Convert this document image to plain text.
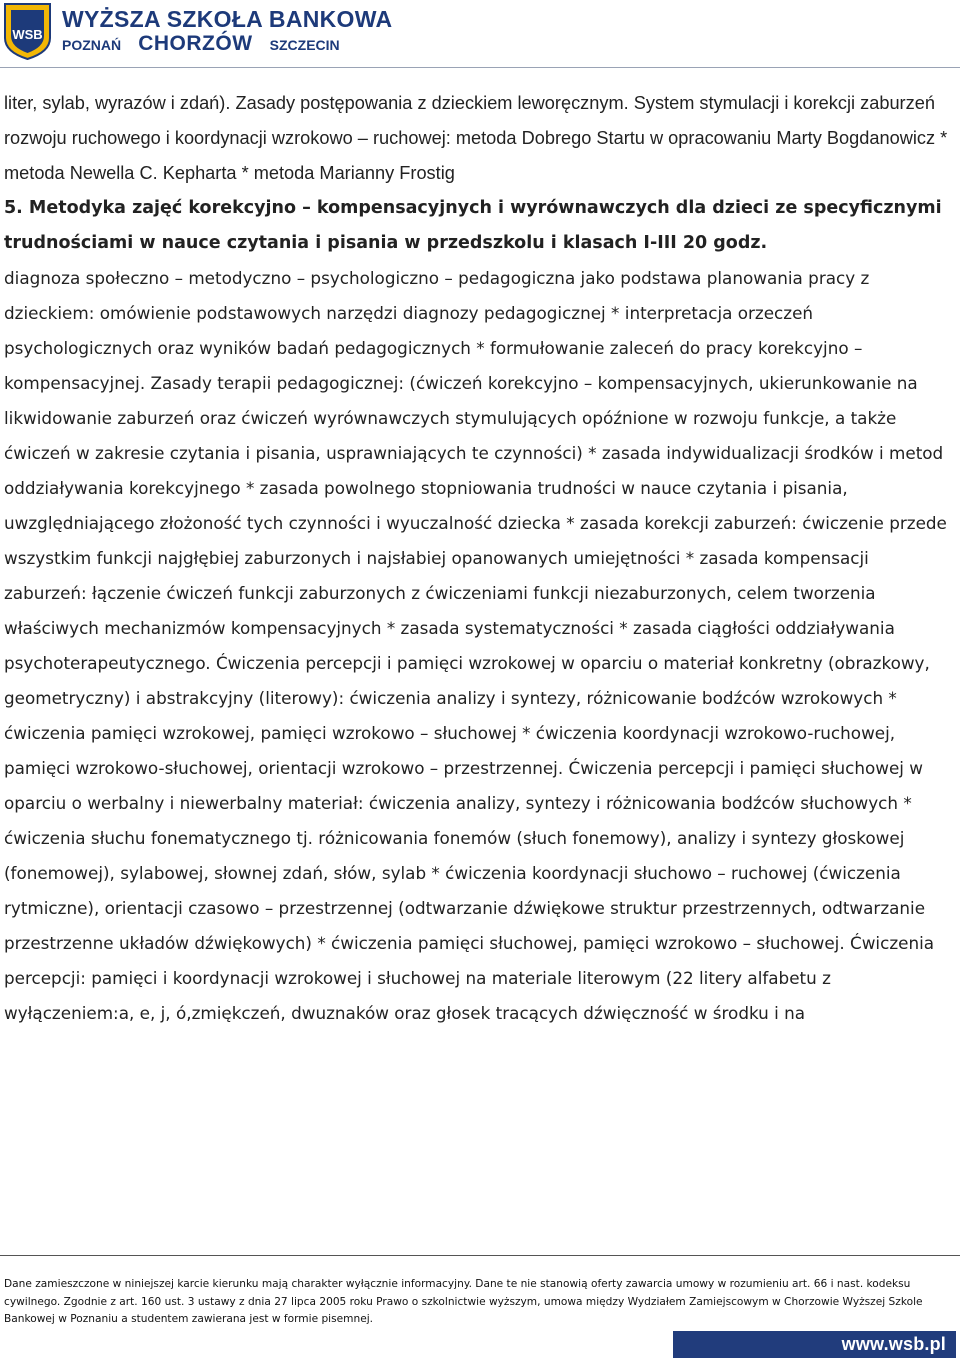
WSB
WYŻSZA SZKOŁA BANKOWA
POZNAŃ CHORZÓW SZCZECIN

liter, sylab, wyrazów i zdań). Zasady postępowania z dzieckiem leworęcznym. System stymulacji i korekcji zaburzeń rozwoju ruchowego i koordynacji wzrokowo – ruchowej: metoda Dobrego Startu w opracowaniu Marty Bogdanowicz * metoda Newella C. Kepharta * metoda Marianny Frostig

5. Metodyka zajęć korekcyjno – kompensacyjnych i wyrównawczych dla dzieci ze specyficznymi trudnościami w nauce czytania i pisania w przedszkolu i klasach I-III 20 godz.

diagnoza społeczno – metodyczno – psychologiczno – pedagogiczna jako podstawa planowania pracy z dzieckiem: omówienie podstawowych narzędzi diagnozy pedagogicznej * interpretacja orzeczeń psychologicznych oraz wyników badań pedagogicznych * formułowanie zaleceń do pracy korekcyjno – kompensacyjnej. Zasady terapii pedagogicznej: (ćwiczeń korekcyjno – kompensacyjnych, ukierunkowanie na likwidowanie zaburzeń oraz ćwiczeń wyrównawczych stymulujących opóźnione w rozwoju funkcje, a także ćwiczeń w zakresie czytania i pisania, usprawniających te czynności) * zasada indywidualizacji środków i metod oddziaływania korekcyjnego * zasada powolnego stopniowania trudności w nauce czytania i pisania, uwzględniającego złożoność tych czynności i wyuczalność dziecka * zasada korekcji zaburzeń: ćwiczenie przede wszystkim funkcji najgłębiej zaburzonych i najsłabiej opanowanych umiejętności * zasada kompensacji zaburzeń: łączenie ćwiczeń funkcji zaburzonych z ćwiczeniami funkcji niezaburzonych, celem tworzenia właściwych mechanizmów kompensacyjnych * zasada systematyczności * zasada ciągłości oddziaływania psychoterapeutycznego. Ćwiczenia percepcji i pamięci wzrokowej w oparciu o materiał konkretny (obrazkowy, geometryczny) i abstrakcyjny (literowy): ćwiczenia analizy i syntezy, różnicowanie bodźców wzrokowych * ćwiczenia pamięci wzrokowej, pamięci wzrokowo – słuchowej * ćwiczenia koordynacji wzrokowo-ruchowej, pamięci wzrokowo-słuchowej, orientacji wzrokowo – przestrzennej. Ćwiczenia percepcji i pamięci słuchowej w oparciu o werbalny i niewerbalny materiał: ćwiczenia analizy, syntezy i różnicowania bodźców słuchowych * ćwiczenia słuchu fonematycznego tj. różnicowania fonemów (słuch fonemowy), analizy i syntezy głoskowej (fonemowej), sylabowej, słownej zdań, słów, sylab * ćwiczenia koordynacji słuchowo – ruchowej (ćwiczenia rytmiczne), orientacji czasowo – przestrzennej (odtwarzanie dźwiękowe struktur przestrzennych, odtwarzanie przestrzenne układów dźwiękowych) * ćwiczenia pamięci słuchowej, pamięci wzrokowo – słuchowej. Ćwiczenia percepcji: pamięci i koordynacji wzrokowej i słuchowej na materiale literowym (22 litery alfabetu z wyłączeniem:a, e, j, ó,zmiękczeń, dwuznaków oraz głosek tracących dźwięczność w środku i na

Dane zamieszczone w niniejszej karcie kierunku mają charakter wyłącznie informacyjny. Dane te nie stanowią oferty zawarcia umowy w rozumieniu art. 66 i nast. kodeksu cywilnego. Zgodnie z art. 160 ust. 3 ustawy z dnia 27 lipca 2005 roku Prawo o szkolnictwie wyższym, umowa między Wydziałem Zamiejscowym w Chorzowie Wyższej Szkole Bankowej w Poznaniu a studentem zawierana jest w formie pisemnej.
www.wsb.pl
